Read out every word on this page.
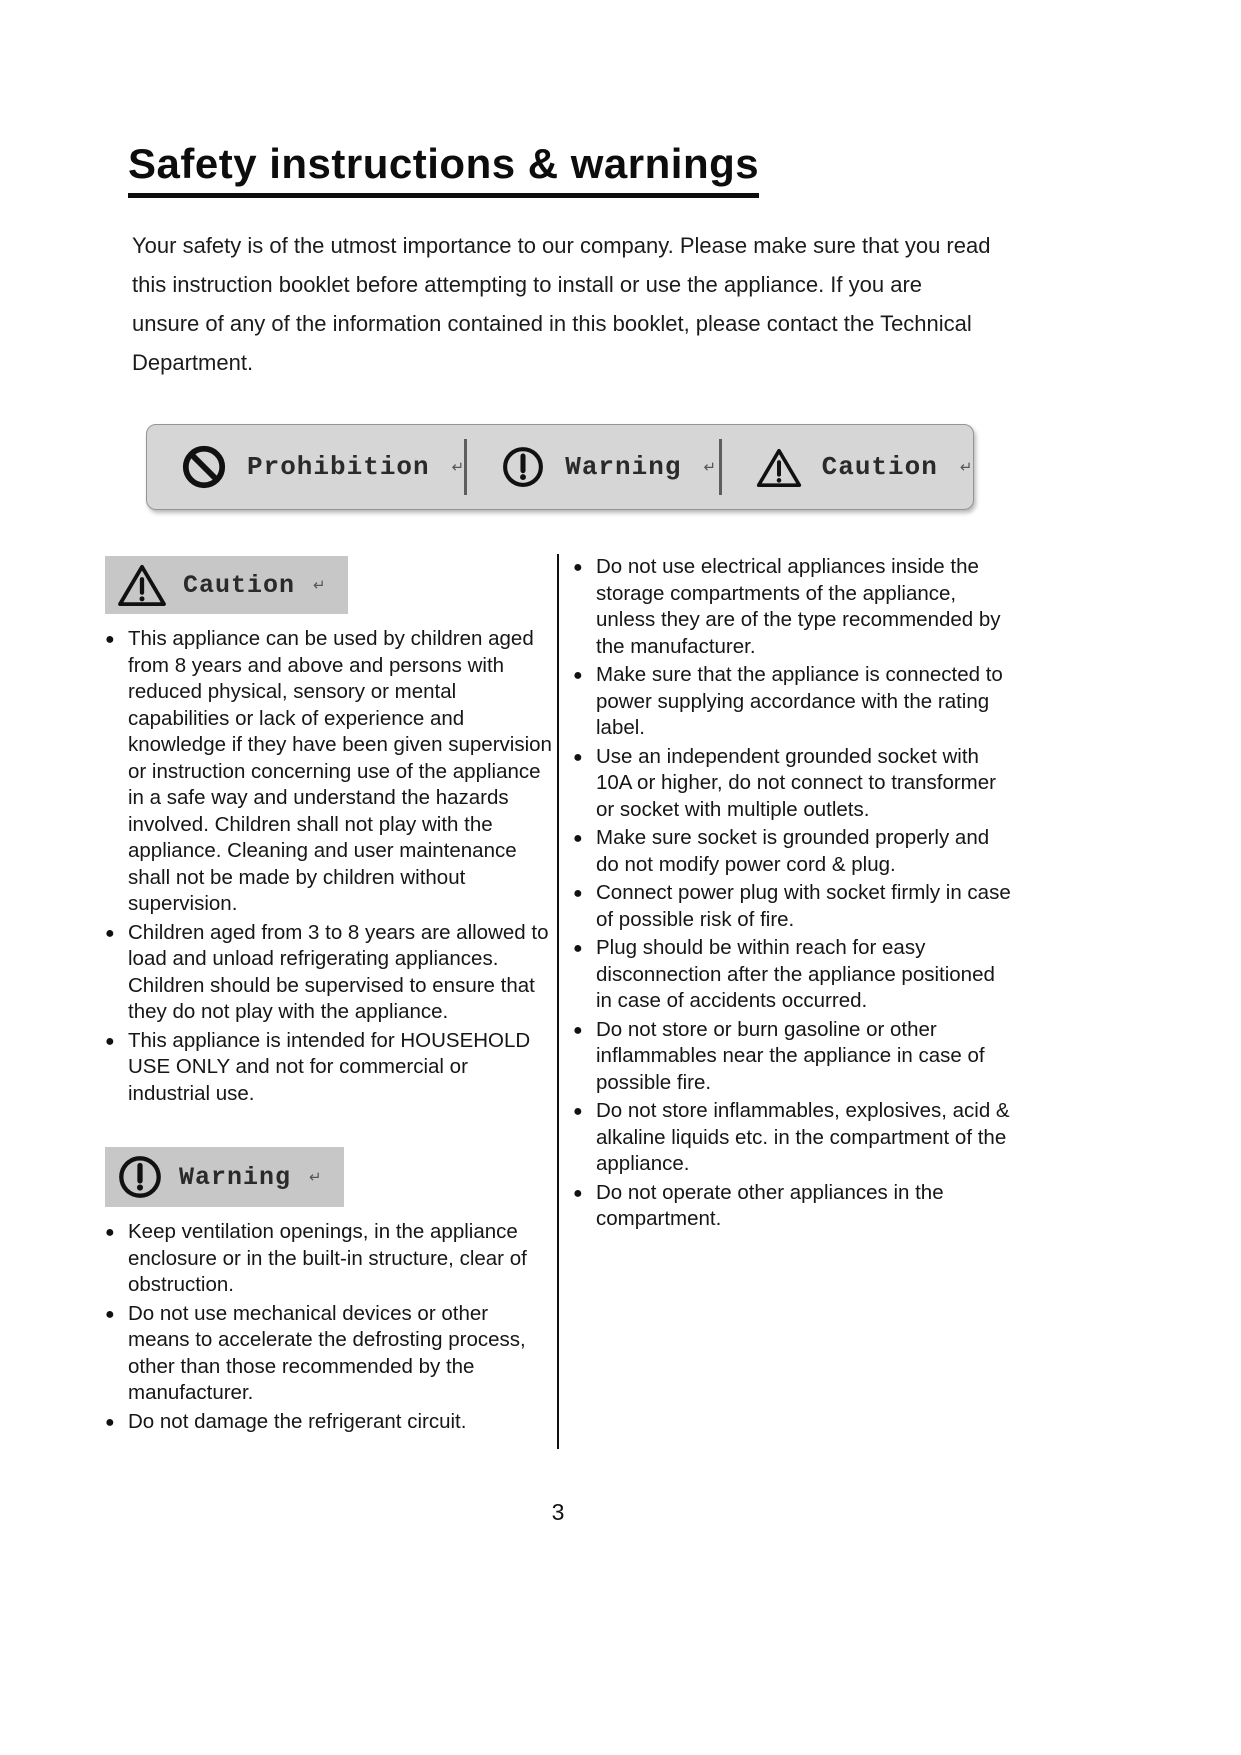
Safety instructions & warnings

Your safety is of the utmost importance to our company. Please make sure that you read this instruction booklet before attempting to install or use the appliance. If you are unsure of any of the information contained in this booklet, please contact the Technical Department.

Prohibition ↵	Warning ↵	Caution ↵
Caution ↵
● This appliance can be used by children aged from 8 years and above and persons with reduced physical, sensory or mental capabilities or lack of experience and knowledge if they have been given supervision or instruction concerning use of the appliance in a safe way and understand the hazards involved. Children shall not play with the appliance. Cleaning and user maintenance shall not be made by children without supervision.
● Children aged from 3 to 8 years are allowed to load and unload refrigerating appliances. Children should be supervised to ensure that they do not play with the appliance.
● This appliance is intended for HOUSEHOLD USE ONLY and not for commercial or industrial use.
Warning ↵
● Keep ventilation openings, in the appliance enclosure or in the built-in structure, clear of obstruction.
● Do not use mechanical devices or other means to accelerate the defrosting process, other than those recommended by the manufacturer.
● Do not damage the refrigerant circuit.
● Do not use electrical appliances inside the storage compartments of the appliance, unless they are of the type recommended by the manufacturer.
● Make sure that the appliance is connected to power supplying accordance with the rating label.
● Use an independent grounded socket with 10A or higher, do not connect to transformer or socket with multiple outlets.
● Make sure socket is grounded properly and do not modify power cord & plug.
● Connect power plug with socket firmly in case of possible risk of fire.
● Plug should be within reach for easy disconnection after the appliance positioned in case of accidents occurred.
● Do not store or burn gasoline or other inflammables near the appliance in case of possible fire.
● Do not store inflammables, explosives, acid & alkaline liquids etc. in the compartment of the appliance.
● Do not operate other appliances in the compartment.
3
